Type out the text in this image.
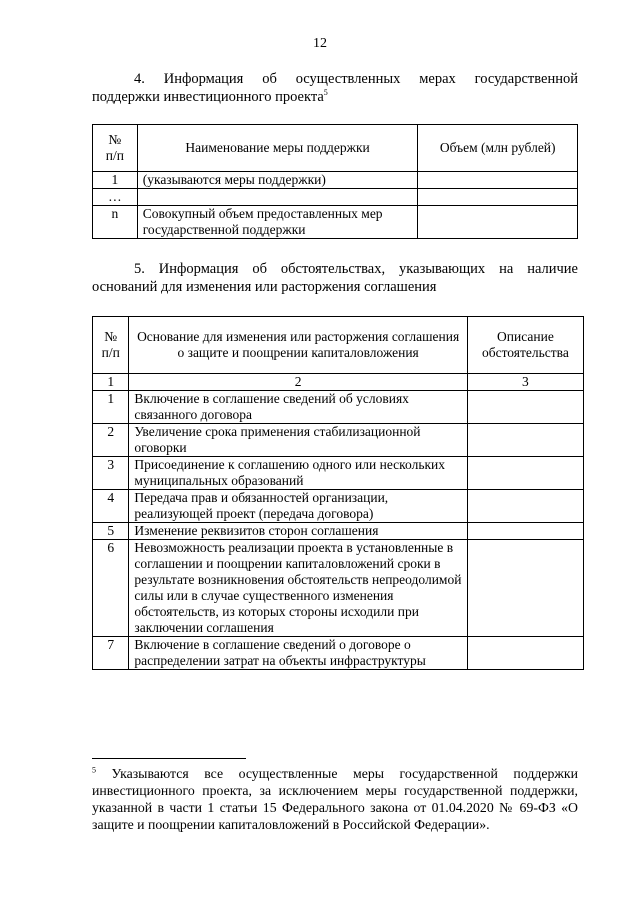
12
4. Информация об осуществленных мерах государственной
поддержки инвестиционного проекта$^5$
№
п/п	Наименование меры поддержки	Объем (млн рублей)
1	(указываются меры поддержки)	
…		
n	Совокупный объем предоставленных мер государственной поддержки	
5. Информация об обстоятельствах, указывающих на наличие
оснований для изменения или расторжения соглашения
№
п/п	Основание для изменения или расторжения соглашения о защите и поощрении капиталовложения	Описание обстоятельства
1	2	3
1	Включение в соглашение сведений об условиях связанного договора	
2	Увеличение срока применения стабилизационной оговорки	
3	Присоединение к соглашению одного или нескольких муниципальных образований	
4	Передача прав и обязанностей организации, реализующей проект (передача договора)	
5	Изменение реквизитов сторон соглашения	
6	Невозможность реализации проекта в установленные в соглашении и поощрении капиталовложений сроки в результате возникновения обстоятельств непреодолимой силы или в случае существенного изменения обстоятельств, из которых стороны исходили при заключении соглашения	
7	Включение в соглашение сведений о договоре о распределении затрат на объекты инфраструктуры	
$^5$ Указываются все осуществленные меры государственной поддержки инвестиционного проекта, за исключением меры государственной поддержки, указанной в части 1 статьи 15 Федерального закона от 01.04.2020 № 69-ФЗ «О защите и поощрении капиталовложений в Российской Федерации».
